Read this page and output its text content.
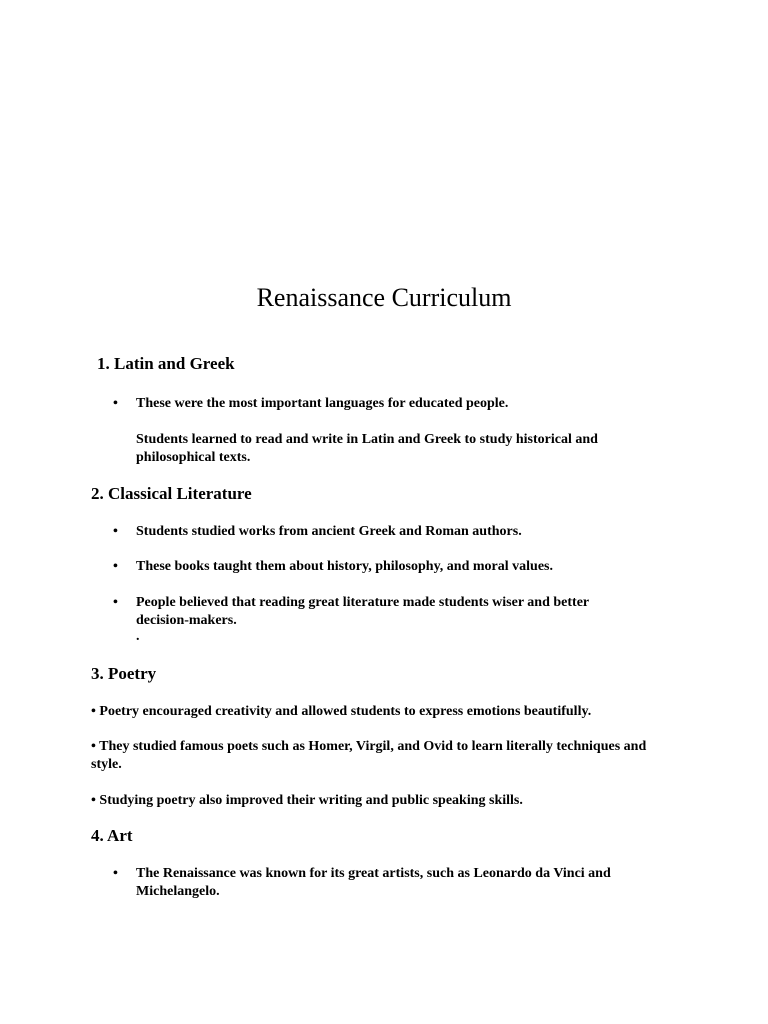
Renaissance Curriculum
1. Latin and Greek
• These were the most important languages for educated people.

Students learned to read and write in Latin and Greek to study historical and philosophical texts.

2. Classical Literature
• Students studied works from ancient Greek and Roman authors.

• These books taught them about history, philosophy, and moral values.

• People believed that reading great literature made students wiser and better decision-makers.

.
3. Poetry

• Poetry encouraged creativity and allowed students to express emotions beautifully.

• They studied famous poets such as Homer, Virgil, and Ovid to learn literally techniques and style.

• Studying poetry also improved their writing and public speaking skills.

4. Art
• The Renaissance was known for its great artists, such as Leonardo da Vinci and Michelangelo.
